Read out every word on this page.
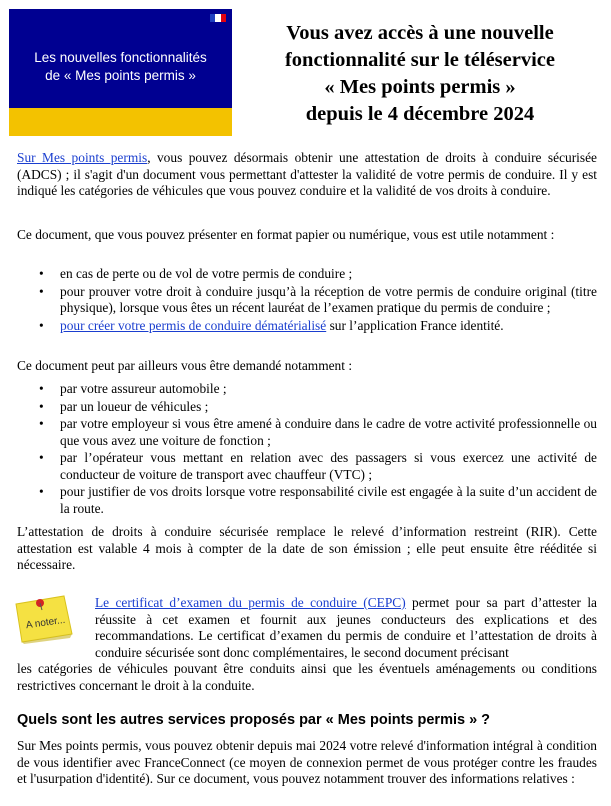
Les nouvelles fonctionnalités
de « Mes points permis »
Vous avez accès à une nouvelle
fonctionnalité sur le téléservice
« Mes points permis »
depuis le 4 décembre 2024
Sur Mes points permis, vous pouvez désormais obtenir une attestation de droits à conduire sécurisée (ADCS) ; il s'agit d'un document vous permettant d'attester la validité de votre permis de conduire. Il y est indiqué les catégories de véhicules que vous pouvez conduire et la validité de vos droits à conduire.
Ce document, que vous pouvez présenter en format papier ou numérique, vous est utile notamment :
• en cas de perte ou de vol de votre permis de conduire ;
• pour prouver votre droit à conduire jusqu’à la réception de votre permis de conduire original (titre physique), lorsque vous êtes un récent lauréat de l’examen pratique du permis de conduire ;
• pour créer votre permis de conduire dématérialisé sur l’application France identité.
Ce document peut par ailleurs vous être demandé notamment :
• par votre assureur automobile ;
• par un loueur de véhicules ;
• par votre employeur si vous être amené à conduire dans le cadre de votre activité professionnelle ou que vous avez une voiture de fonction ;
• par l’opérateur vous mettant en relation avec des passagers si vous exercez une activité de conducteur de voiture de transport avec chauffeur (VTC) ;
• pour justifier de vos droits lorsque votre responsabilité civile est engagée à la suite d’un accident de la route.
L’attestation de droits à conduire sécurisée remplace le relevé d’information restreint (RIR). Cette attestation est valable 4 mois à compter de la date de son émission ; elle peut ensuite être rééditée si nécessaire.
A noter...
Le certificat d’examen du permis de conduire (CEPC) permet pour sa part d’attester la réussite à cet examen et fournit aux jeunes conducteurs des explications et des recommandations. Le certificat d’examen du permis de conduire et l’attestation de droits à conduire sécurisée sont donc complémentaires, le second document précisant
les catégories de véhicules pouvant être conduits ainsi que les éventuels aménagements ou conditions restrictives concernant le droit à la conduite.
Quels sont les autres services proposés par « Mes points permis » ?
Sur Mes points permis, vous pouvez obtenir depuis mai 2024 votre relevé d'information intégral à condition de vous identifier avec FranceConnect (ce moyen de connexion permet de vous protéger contre les fraudes et l'usurpation d'identité). Sur ce document, vous pouvez notamment trouver des informations relatives :
